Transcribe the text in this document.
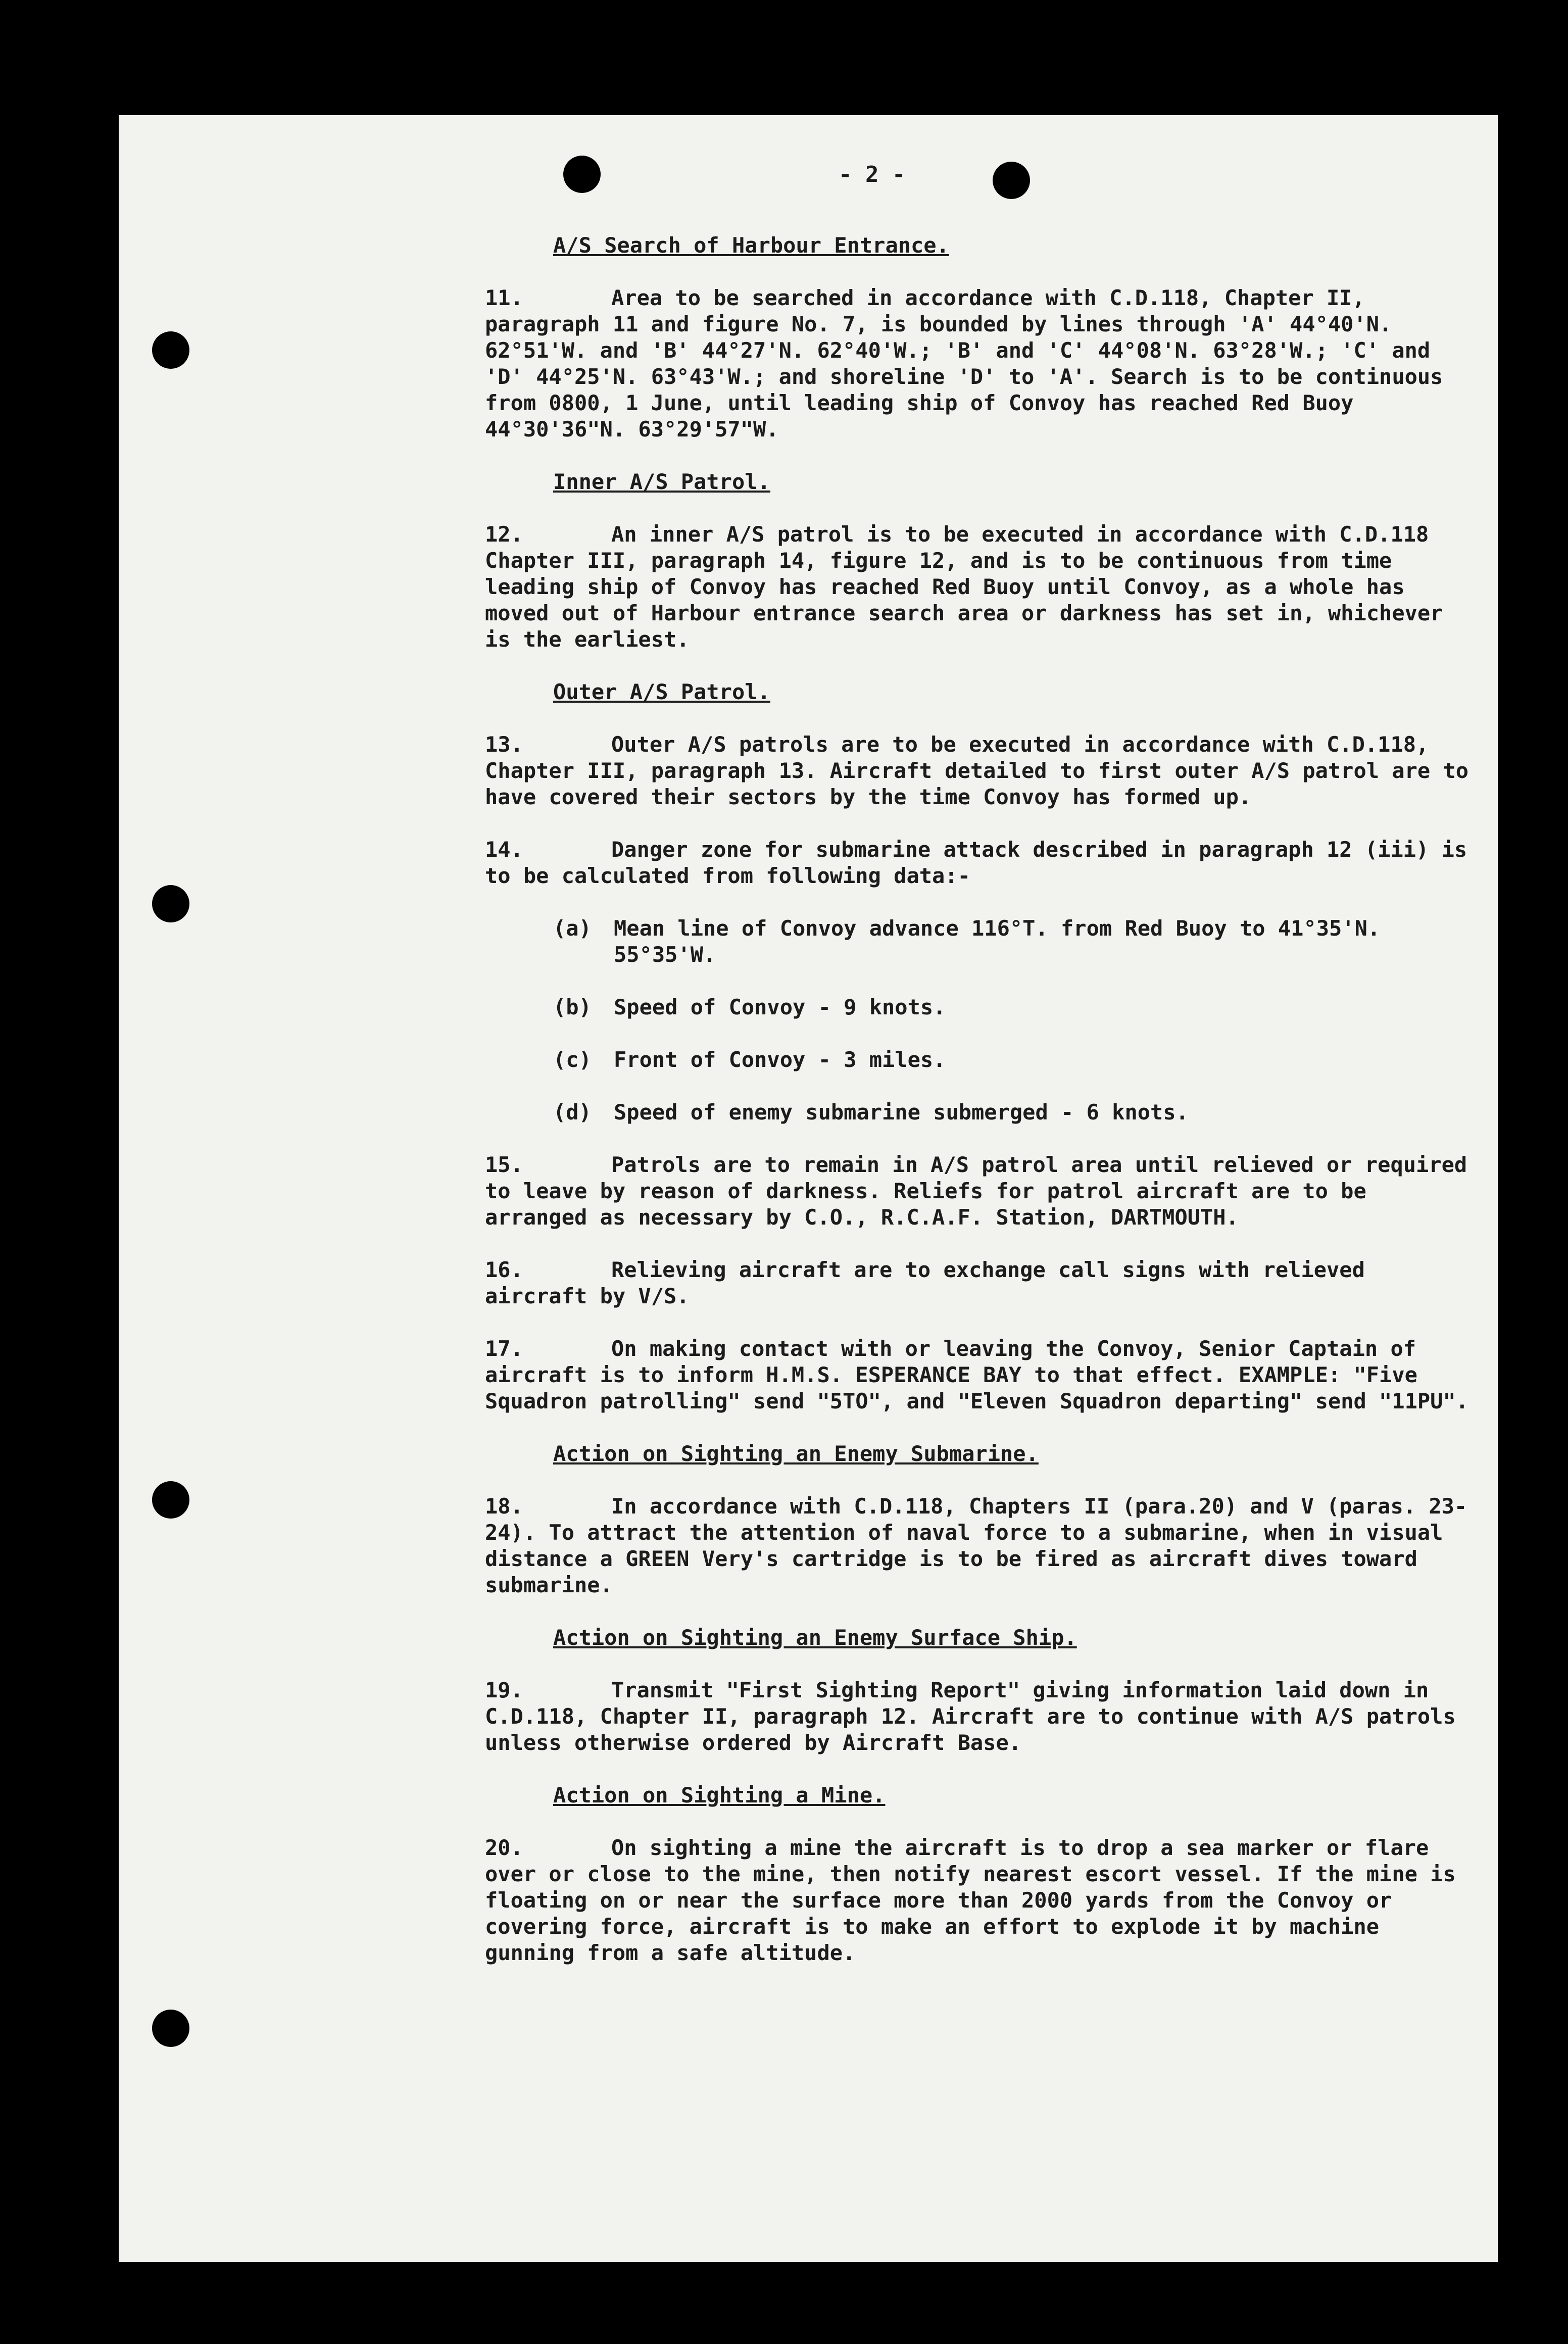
- 2 -
A/S Search of Harbour Entrance.
11.	Area to be searched in accordance with C.D.118, Chapter II, paragraph 11 and figure No. 7, is bounded by lines through 'A' 44°40'N. 62°51'W. and 'B' 44°27'N. 62°40'W.; 'B' and 'C' 44°08'N. 63°28'W.; 'C' and 'D' 44°25'N. 63°43'W.; and shoreline 'D' to 'A'. Search is to be continuous from 0800, 1 June, until leading ship of Convoy has reached Red Buoy 44°30'36"N. 63°29'57"W.
Inner A/S Patrol.
12.	An inner A/S patrol is to be executed in accordance with C.D.118 Chapter III, paragraph 14, figure 12, and is to be continuous from time leading ship of Convoy has reached Red Buoy until Convoy, as a whole has moved out of Harbour entrance search area or darkness has set in, whichever is the earliest.
Outer A/S Patrol.
13.	Outer A/S patrols are to be executed in accordance with C.D.118, Chapter III, paragraph 13. Aircraft detailed to first outer A/S patrol are to have covered their sectors by the time Convoy has formed up.
14.	Danger zone for submarine attack described in paragraph 12 (iii) is to be calculated from following data:-
(a)	Mean line of Convoy advance 116°T. from Red Buoy to 41°35'N. 55°35'W.
(b)	Speed of Convoy - 9 knots.
(c)	Front of Convoy - 3 miles.
(d)	Speed of enemy submarine submerged - 6 knots.
15.	Patrols are to remain in A/S patrol area until relieved or required to leave by reason of darkness. Reliefs for patrol aircraft are to be arranged as necessary by C.O., R.C.A.F. Station, DARTMOUTH.
16.	Relieving aircraft are to exchange call signs with relieved aircraft by V/S.
17.	On making contact with or leaving the Convoy, Senior Captain of aircraft is to inform H.M.S. ESPERANCE BAY to that effect. EXAMPLE: "Five Squadron patrolling" send "5TO", and "Eleven Squadron departing" send "11PU".
Action on Sighting an Enemy Submarine.
18.	In accordance with C.D.118, Chapters II (para.20) and V (paras. 23-24). To attract the attention of naval force to a submarine, when in visual distance a GREEN Very's cartridge is to be fired as aircraft dives toward submarine.
Action on Sighting an Enemy Surface Ship.
19.	Transmit "First Sighting Report" giving information laid down in C.D.118, Chapter II, paragraph 12. Aircraft are to continue with A/S patrols unless otherwise ordered by Aircraft Base.
Action on Sighting a Mine.
20.	On sighting a mine the aircraft is to drop a sea marker or flare over or close to the mine, then notify nearest escort vessel. If the mine is floating on or near the surface more than 2000 yards from the Convoy or covering force, aircraft is to make an effort to explode it by machine gunning from a safe altitude.
